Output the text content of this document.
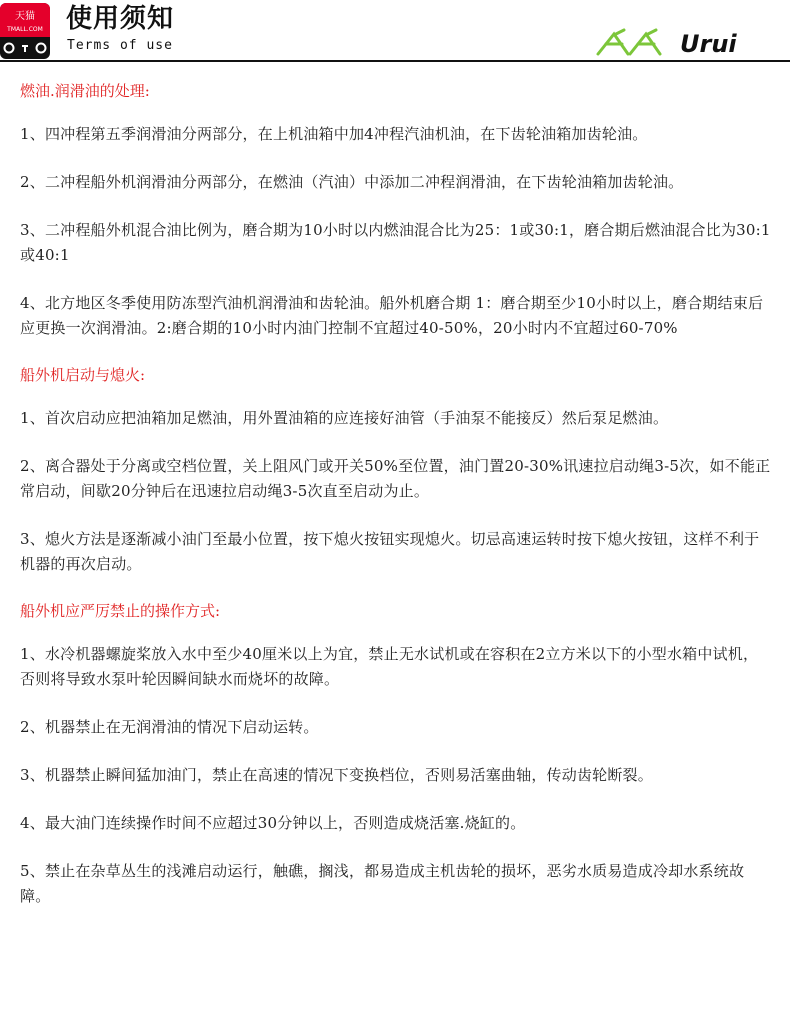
天猫
TMALL.COM 使用须知
Terms of use	Urui
燃油.润滑油的处理:

1、四冲程第五季润滑油分两部分，在上机油箱中加4冲程汽油机油，在下齿轮油箱加齿轮油。

2、二冲程船外机润滑油分两部分，在燃油（汽油）中添加二冲程润滑油，在下齿轮油箱加齿轮油。

3、二冲程船外机混合油比例为，磨合期为10小时以内燃油混合比为25：1或30:1，磨合期后燃油混合比为30:1或40:1

4、北方地区冬季使用防冻型汽油机润滑油和齿轮油。船外机磨合期 1：磨合期至少10小时以上，磨合期结束后应更换一次润滑油。2:磨合期的10小时内油门控制不宜超过40-50%，20小时内不宜超过60-70%

船外机启动与熄火:

1、首次启动应把油箱加足燃油，用外置油箱的应连接好油管（手油泵不能接反）然后泵足燃油。

2、离合器处于分离或空档位置，关上阻风门或开关50%至位置，油门置20-30%讯速拉启动绳3-5次，如不能正常启动，间歇20分钟后在迅速拉启动绳3-5次直至启动为止。

3、熄火方法是逐渐减小油门至最小位置，按下熄火按钮实现熄火。切忌高速运转时按下熄火按钮，这样不利于机器的再次启动。

船外机应严厉禁止的操作方式:

1、水冷机器螺旋桨放入水中至少40厘米以上为宜，禁止无水试机或在容积在2立方米以下的小型水箱中试机，否则将导致水泵叶轮因瞬间缺水而烧坏的故障。

2、机器禁止在无润滑油的情况下启动运转。

3、机器禁止瞬间猛加油门，禁止在高速的情况下变换档位，否则易活塞曲轴，传动齿轮断裂。

4、最大油门连续操作时间不应超过30分钟以上，否则造成烧活塞.烧缸的。

5、禁止在杂草丛生的浅滩启动运行，触礁，搁浅，都易造成主机齿轮的损坏，恶劣水质易造成冷却水系统故障。
